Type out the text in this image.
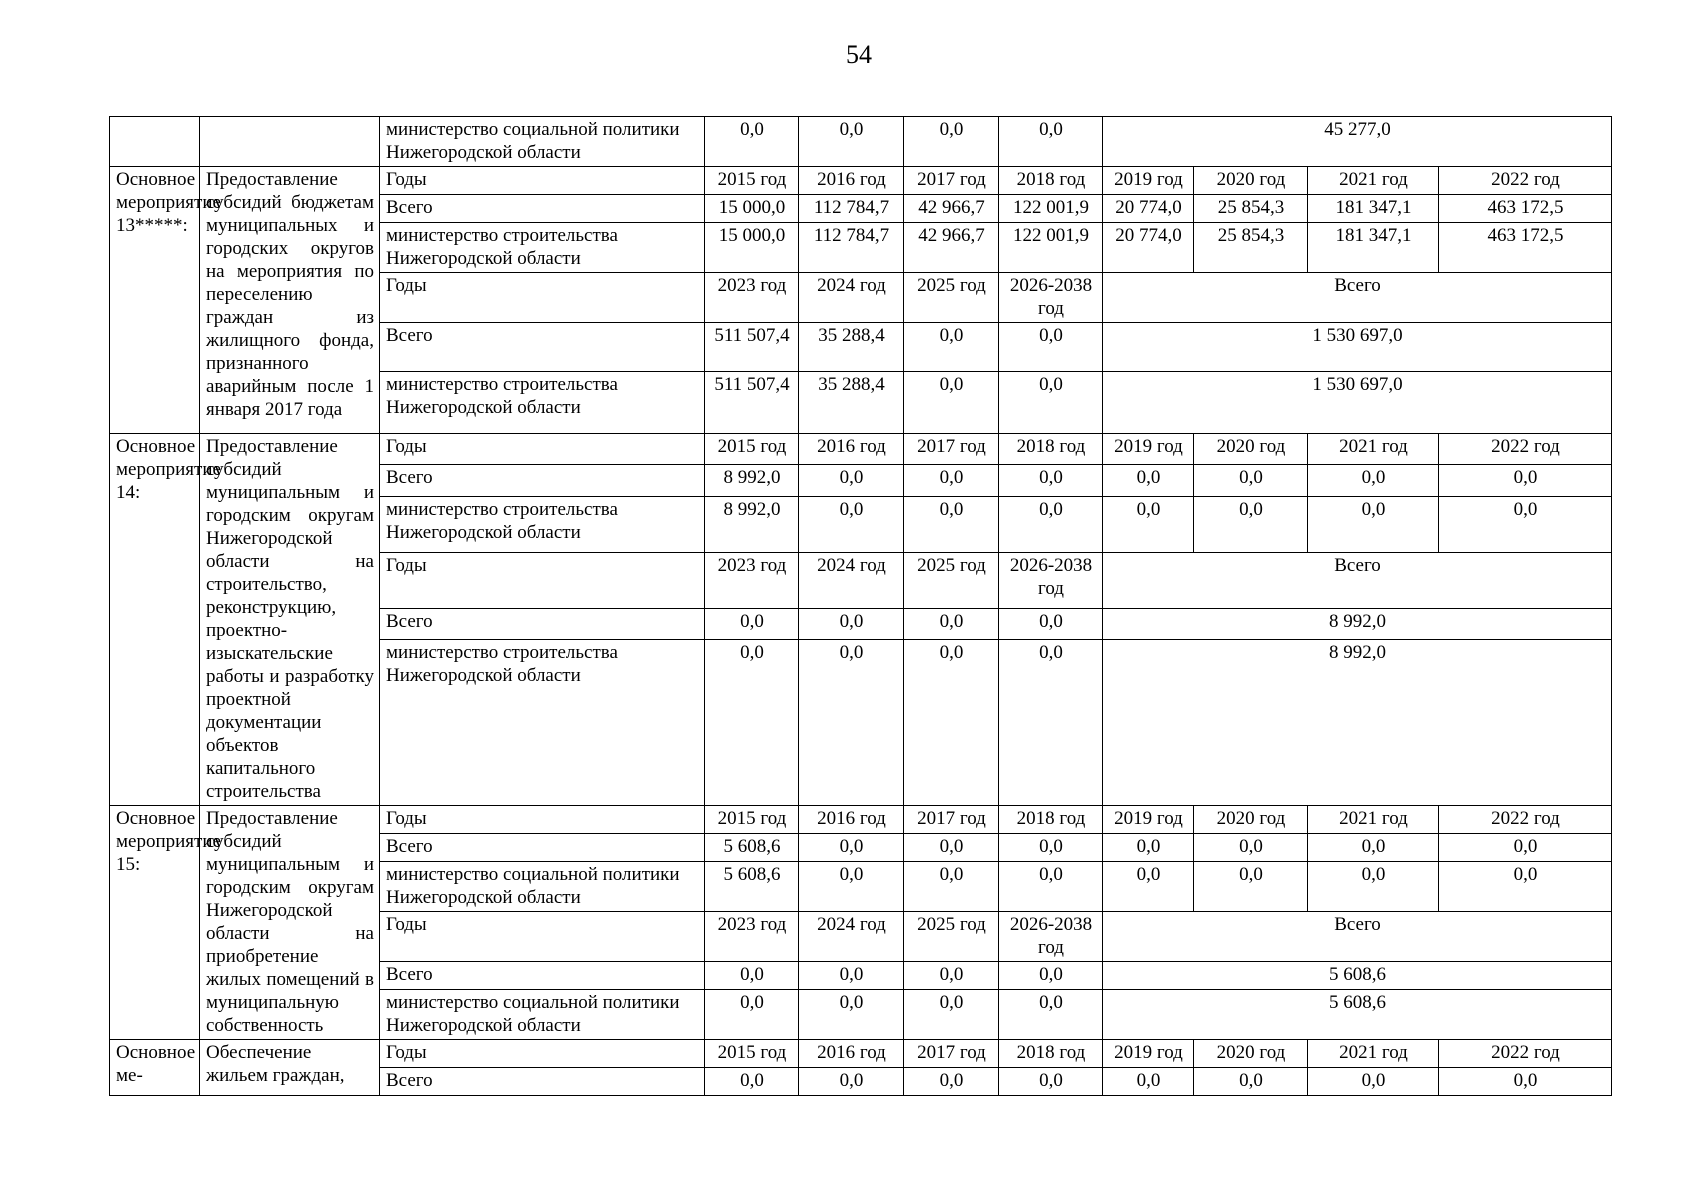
54
		министерство социальной политики Нижегородской области	0,0	0,0	0,0	0,0	45 277,0			
Основное мероприятие 13*****:	Предоставление субсидий бюджетам муниципальных и городских округов на мероприятия по переселению граждан из жилищного фонда, признанного аварийным после 1 января 2017 года	Годы	2015 год	2016 год	2017 год	2018 год	2019 год	2020 год	2021 год	2022 год
		Всего	15 000,0	112 784,7	42 966,7	122 001,9	20 774,0	25 854,3	181 347,1	463 172,5
		министерство строительства Нижегородской области	15 000,0	112 784,7	42 966,7	122 001,9	20 774,0	25 854,3	181 347,1	463 172,5
		Годы	2023 год	2024 год	2025 год	2026-2038 год	Всего			
		Всего	511 507,4	35 288,4	0,0	0,0	1 530 697,0			
		министерство строительства Нижегородской области	511 507,4	35 288,4	0,0	0,0	1 530 697,0			
Основное мероприятие 14:	Предоставление субсидий муниципальным и городским округам Нижегородской области на строительство, реконструкцию, проектно-изыскательские работы и разработку проектной документации объектов капитального строительства	Годы	2015 год	2016 год	2017 год	2018 год	2019 год	2020 год	2021 год	2022 год
		Всего	8 992,0	0,0	0,0	0,0	0,0	0,0	0,0	0,0
		министерство строительства Нижегородской области	8 992,0	0,0	0,0	0,0	0,0	0,0	0,0	0,0
		Годы	2023 год	2024 год	2025 год	2026-2038 год	Всего			
		Всего	0,0	0,0	0,0	0,0	8 992,0			
		министерство строительства Нижегородской области	0,0	0,0	0,0	0,0	8 992,0			
Основное мероприятие 15:	Предоставление субсидий муниципальным и городским округам Нижегородской области на приобретение жилых помещений в муниципальную собственность	Годы	2015 год	2016 год	2017 год	2018 год	2019 год	2020 год	2021 год	2022 год
		Всего	5 608,6	0,0	0,0	0,0	0,0	0,0	0,0	0,0
		министерство социальной политики Нижегородской области	5 608,6	0,0	0,0	0,0	0,0	0,0	0,0	0,0
		Годы	2023 год	2024 год	2025 год	2026-2038 год	Всего			
		Всего	0,0	0,0	0,0	0,0	5 608,6			
		министерство социальной политики Нижегородской области	0,0	0,0	0,0	0,0	5 608,6			
Основное ме-	Обеспечение жильем граждан,	Годы	2015 год	2016 год	2017 год	2018 год	2019 год	2020 год	2021 год	2022 год
		Всего	0,0	0,0	0,0	0,0	0,0	0,0	0,0	0,0
